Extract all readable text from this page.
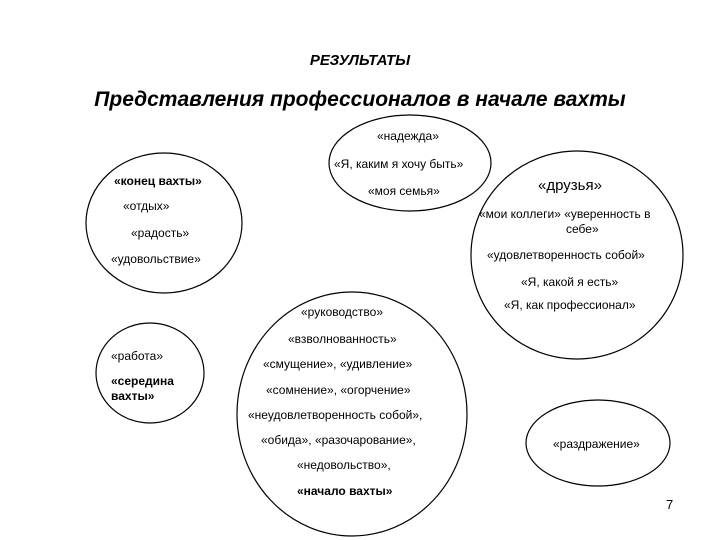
РЕЗУЛЬТАТЫ
Представления профессионалов в начале вахты
«надежда»
«Я, каким я хочу быть»
«моя семья»
«конец вахты»
«отдых»
«радость»
«удовольствие»
«друзья»
«мои коллеги» «уверенность в
себе»
«удовлетворенность собой»
«Я, какой я есть»
«Я, как профессионал»
«работа»
«середина
вахты»
«руководство»
«взволнованность»
«смущение», «удивление»
«сомнение», «огорчение»
«неудовлетворенность собой»,
«обида», «разочарование»,
«недовольство»,
«начало вахты»
«раздражение»
7
